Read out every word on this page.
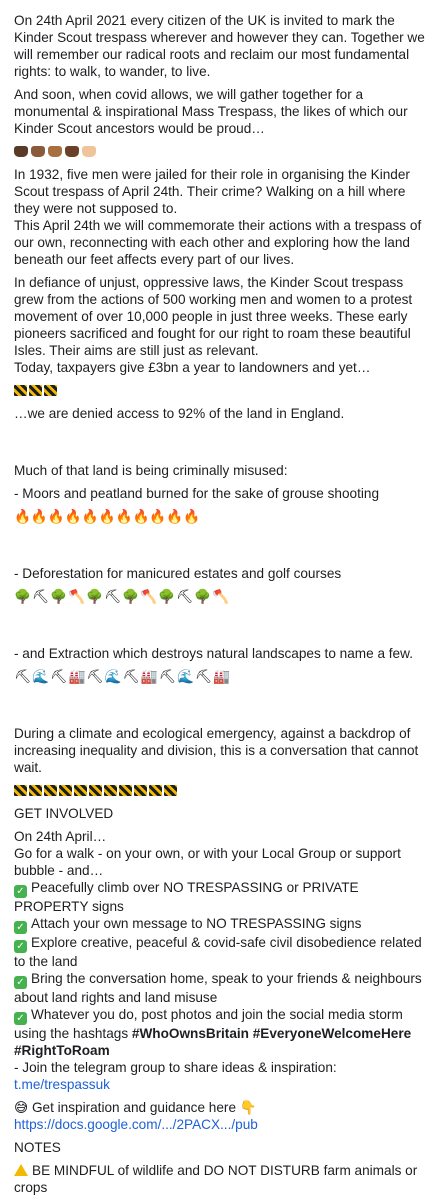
On 24th April 2021 every citizen of the UK is invited to mark the Kinder Scout trespass wherever and however they can. Together we will remember our radical roots and reclaim our most fundamental rights: to walk, to wander, to live.

And soon, when covid allows, we will gather together for a monumental & inspirational Mass Trespass, the likes of which our Kinder Scout ancestors would be proud…

In 1932, five men were jailed for their role in organising the Kinder Scout trespass of April 24th. Their crime? Walking on a hill where they were not supposed to.
This April 24th we will commemorate their actions with a trespass of our own, reconnecting with each other and exploring how the land beneath our feet affects every part of our lives.

In defiance of unjust, oppressive laws, the Kinder Scout trespass grew from the actions of 500 working men and women to a protest movement of over 10,000 people in just three weeks. These early pioneers sacrificed and fought for our right to roam these beautiful Isles. Their aims are still just as relevant.
Today, taxpayers give £3bn a year to landowners and yet…

…we are denied access to 92% of the land in England.

Much of that land is being criminally misused:

- Moors and peatland burned for the sake of grouse shooting

🔥🔥🔥🔥🔥🔥🔥🔥🔥🔥🔥

- Deforestation for manicured estates and golf courses

🌳⛏🌳🪓🌳⛏🌳🪓🌳⛏🌳🪓

- and Extraction which destroys natural landscapes to name a few.

⛏🌊⛏🏭⛏🌊⛏🏭⛏🌊⛏🏭

During a climate and ecological emergency, against a backdrop of increasing inequality and division, this is a conversation that cannot wait.

GET INVOLVED

On 24th April…
Go for a walk - on your own, or with your Local Group or support bubble - and…
✓ Peacefully climb over NO TRESPASSING or PRIVATE PROPERTY signs
✓ Attach your own message to NO TRESPASSING signs
✓ Explore creative, peaceful & covid-safe civil disobedience related to the land
✓ Bring the conversation home, speak to your friends & neighbours about land rights and land misuse
✓ Whatever you do, post photos and join the social media storm using the hashtags #WhoOwnsBritain #EveryoneWelcomeHere #RightToRoam
- Join the telegram group to share ideas & inspiration:
t.me/trespassuk

😅 Get inspiration and guidance here 👇
https://docs.google.com/.../2PACX.../pub

NOTES

BE MINDFUL of wildlife and DO NOT DISTURB farm animals or crops
